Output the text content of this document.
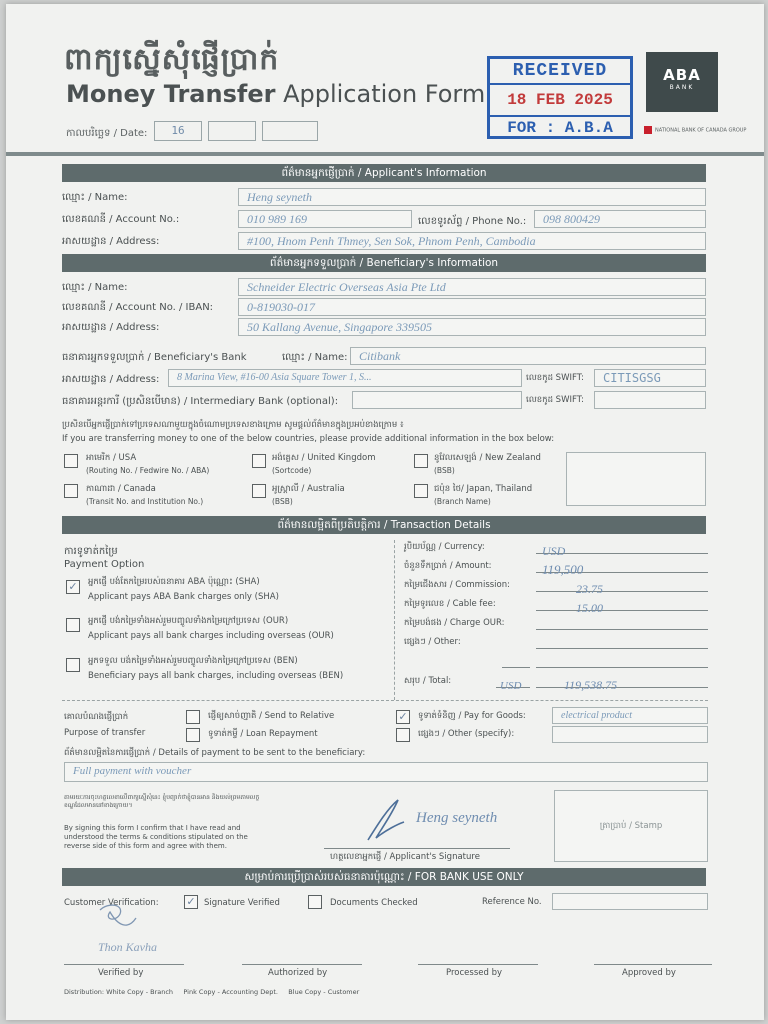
ពាក្យស្នើសុំផ្ញើប្រាក់
Money Transfer Application Form
កាលបរិច្ឆេទ / Date:	16
RECEIVED
18 FEB 2025
FOR : A.B.A
ABA
BANK
NATIONAL BANK OF CANADA GROUP
ព័ត៌មានអ្នកផ្ញើប្រាក់ / Applicant's Information
ឈ្មោះ / Name:	Heng seyneth
លេខគណនី / Account No.:	010 989 169	លេខទូរស័ព្ទ / Phone No.:	098 800429
អាសយដ្ឋាន / Address:	#100, Hnom Penh Thmey, Sen Sok, Phnom Penh, Cambodia
ព័ត៌មានអ្នកទទួលប្រាក់ / Beneficiary's Information
ឈ្មោះ / Name:	Schneider Electric Overseas Asia Pte Ltd
លេខគណនី / Account No. / IBAN:	0-819030-017
អាសយដ្ឋាន / Address:	50 Kallang Avenue, Singapore 339505
ធនាគារអ្នកទទួលប្រាក់ / Beneficiary's Bank	ឈ្មោះ / Name: Citibank
អាសយដ្ឋាន / Address:	8 Marina View, #16-00 Asia Square Tower 1, S...	លេខកូដ SWIFT:	CITISGSG
ធនាគារអន្តរការី (ប្រសិនបើមាន) / Intermediary Bank (optional):	លេខកូដ SWIFT:
ប្រសិនបើអ្នកផ្ញើប្រាក់ទៅប្រទេសណាមួយក្នុងចំណោមប្រទេសខាងក្រោម សូមផ្តល់ព័ត៌មានក្នុងប្រអប់ខាងក្រោម ៖
If you are transferring money to one of the below countries, please provide additional information in the box below:
អាមេរិក / USA
(Routing No. / Fedwire No. / ABA)
កាណាដា / Canada
(Transit No. and Institution No.)
អង់គ្លេស / United Kingdom
(Sortcode)
អូស្ត្រាលី / Australia
(BSB)
នូវែលសេឡង់ / New Zealand
(BSB)
ជប៉ុន ថៃ/ Japan, Thailand
(Branch Name)
ព័ត៌មានលម្អិតពីប្រតិបត្តិការ / Transaction Details
ការទូទាត់កម្រៃ
Payment Option
✓ អ្នកផ្ញើ បង់តែកម្រៃរបស់ធនាគារ ABA ប៉ុណ្ណោះ (SHA)
Applicant pays ABA Bank charges only (SHA)
អ្នកផ្ញើ បង់កម្រៃទាំងអស់រួមបញ្ចូលទាំងកម្រៃក្រៅប្រទេស (OUR)
Applicant pays all bank charges including overseas (OUR)
អ្នកទទួល បង់កម្រៃទាំងអស់រួមបញ្ចូលទាំងកម្រៃក្រៅប្រទេស (BEN)
Beneficiary pays all bank charges, including overseas (BEN)
រូបិយប័ណ្ណ / Currency:	USD
ចំនួនទឹកប្រាក់ / Amount:	119,500
កម្រៃជើងសារ / Commission:	23.75
កម្រៃទូរលេខ / Cable fee:	15.00
កម្រៃបង់ផង / Charge OUR:
ផ្សេងៗ / Other:
សរុប / Total:	USD	119,538.75
គោលបំណងផ្ញើប្រាក់
Purpose of transfer
ផ្ញើឲ្យសាច់ញាតិ / Send to Relative
ទូទាត់កម្ចី / Loan Repayment
✓ ទូទាត់ទំនិញ / Pay for Goods:	electrical product
ផ្សេងៗ / Other (specify):
ព័ត៌មានលម្អិតនៃការផ្ញើប្រាក់ / Details of payment to be sent to the beneficiary:
Full payment with voucher
តាមរយៈការចុះហត្ថលេខាលើពាក្យស្នើសុំនេះ ខ្ញុំបញ្ជាក់ថាខ្ញុំបានអាន និងយល់ព្រមតាមលក្ខខណ្ឌដែលមាននៅខាងក្រោយ។
By signing this form I confirm that I have read and understood the terms & conditions stipulated on the reverse side of this form and agree with them.
Heng seyneth
ហត្ថលេខាអ្នកផ្ញើ / Applicant's Signature
ត្រាប្រាប់ / Stamp
សម្រាប់ការប្រើប្រាស់របស់ធនាគារប៉ុណ្ណោះ / FOR BANK USE ONLY
Customer Verification:	✓ Signature Verified	Documents Checked	Reference No.
Thon Kavha
Verified by	Authorized by	Processed by	Approved by
Distribution: White Copy - Branch     Pink Copy - Accounting Dept.     Blue Copy - Customer
